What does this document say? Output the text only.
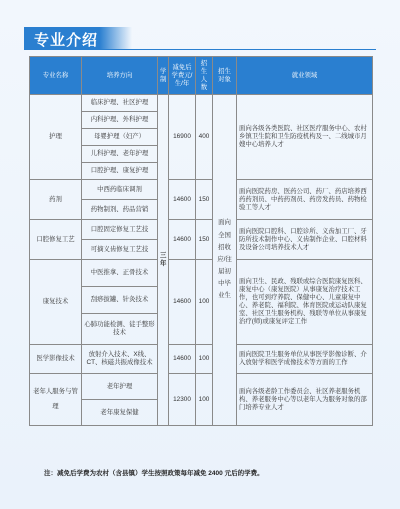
专业介绍
专业名称	培养方向	学制	减免后学费元/生/年	招生人数	招生对象	就业领域
护理	临床护理、社区护理	三年	16900	400	面向全国招收应/往届初中毕业生	面向各级各类医院、社区医疗服务中心、农村乡镇卫生院和卫生防疫机构及一、二线城市月嫂中心培养人才
	内科护理、外科护理					
	母婴护理（妇产）					
	儿科护理、老年护理					
	口腔护理、康复护理					
药剂	中西药临床调剂		14600	150		面向医院药房、医药公司、药厂、药店培养西药药剂员、中药药剂员、药房发药员、药物检验工等人才
	药物制剂、药品营销					
口腔修复工艺	口腔固定修复工艺技		14600	150		面向医院口腔科、口腔诊所、义齿加工厂、牙防所技术制作中心、义齿制作企业、口腔材料及设备公司培养技术人才
	可摘义齿修复工艺技					
康复技术	中医推拿、正骨技术		14600	100		面向卫生、民政、残联或综合医院康复医科、康复中心（康复医院）从事康复治疗技术工作，也可到疗养院、保健中心、儿童康复中心、养老院、福利院、体育医院或运动队康复室、社区卫生服务机构、残联等单位从事康复治疗(师)或康复评定工作
	刮痧拔罐、针灸技术					
	心肺功能检测、徒手整形技术					
医学影像技术	放射介入技术、X线、CT、核磁共振成像技术		14600	100		面向医院卫生服务单位从事医学影像诊断、介入放射学和医学成像技术等方面的工作
老年人服务与管理	老年护理		12300	100		面向各级老龄工作委员会、社区养老服务机构、养老服务中心等以老年人为服务对象的部门培养专业人才
	老年康复保健					
注：减免后学费为农村（含县镇）学生按照政策每年减免 2400 元后的学费。
